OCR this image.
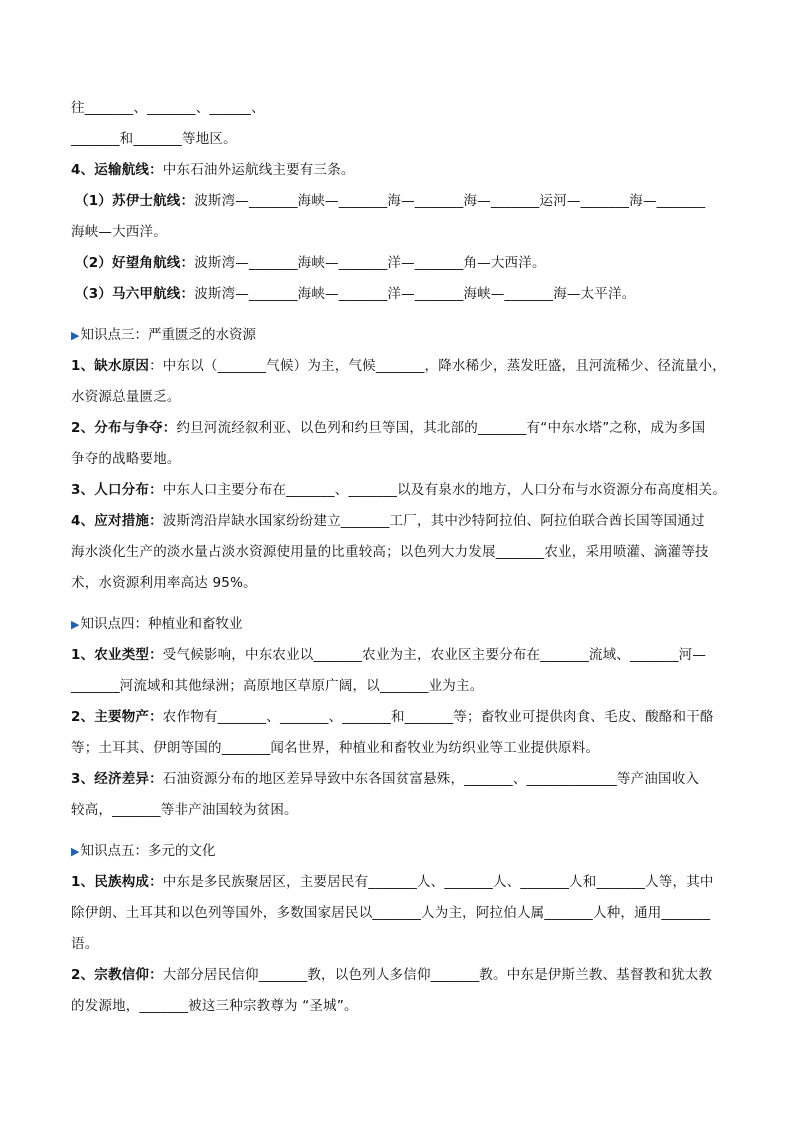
往_______、_______、______、
_______和_______等地区。
4、运输航线：中东石油外运航线主要有三条。
（1）苏伊士航线：波斯湾—_______海峡—_______海—_______海—_______运河—_______海—_______
海峡—大西洋。
（2）好望角航线：波斯湾—_______海峡—_______洋—_______角—大西洋。
（3）马六甲航线：波斯湾—_______海峡—_______洋—_______海峡—_______海—太平洋。
▶知识点三：严重匮乏的水资源
1、缺水原因：中东以（_______气候）为主，气候_______，降水稀少，蒸发旺盛，且河流稀少、径流量小，
水资源总量匮乏。
2、分布与争夺：约旦河流经叙利亚、以色列和约旦等国，其北部的_______有“中东水塔”之称，成为多国
争夺的战略要地。
3、人口分布：中东人口主要分布在_______、_______以及有泉水的地方，人口分布与水资源分布高度相关。
4、应对措施：波斯湾沿岸缺水国家纷纷建立_______工厂，其中沙特阿拉伯、阿拉伯联合酋长国等国通过
海水淡化生产的淡水量占淡水资源使用量的比重较高；以色列大力发展_______农业，采用喷灌、滴灌等技
术，水资源利用率高达 95%。
▶知识点四：种植业和畜牧业
1、农业类型：受气候影响，中东农业以_______农业为主，农业区主要分布在_______流域、_______河—
_______河流域和其他绿洲；高原地区草原广阔，以_______业为主。
2、主要物产：农作物有_______、_______、_______和_______等；畜牧业可提供肉食、毛皮、酸酪和干酪
等；土耳其、伊朗等国的_______闻名世界，种植业和畜牧业为纺织业等工业提供原料。
3、经济差异：石油资源分布的地区差异导致中东各国贫富悬殊，_______、_____________等产油国收入
较高，_______等非产油国较为贫困。
▶知识点五：多元的文化
1、民族构成：中东是多民族聚居区，主要居民有_______人、_______人、_______人和_______人等，其中
除伊朗、土耳其和以色列等国外，多数国家居民以_______人为主，阿拉伯人属_______人种，通用_______
语。
2、宗教信仰：大部分居民信仰_______教，以色列人多信仰_______教。中东是伊斯兰教、基督教和犹太教
的发源地，_______被这三种宗教尊为 “圣城”。
